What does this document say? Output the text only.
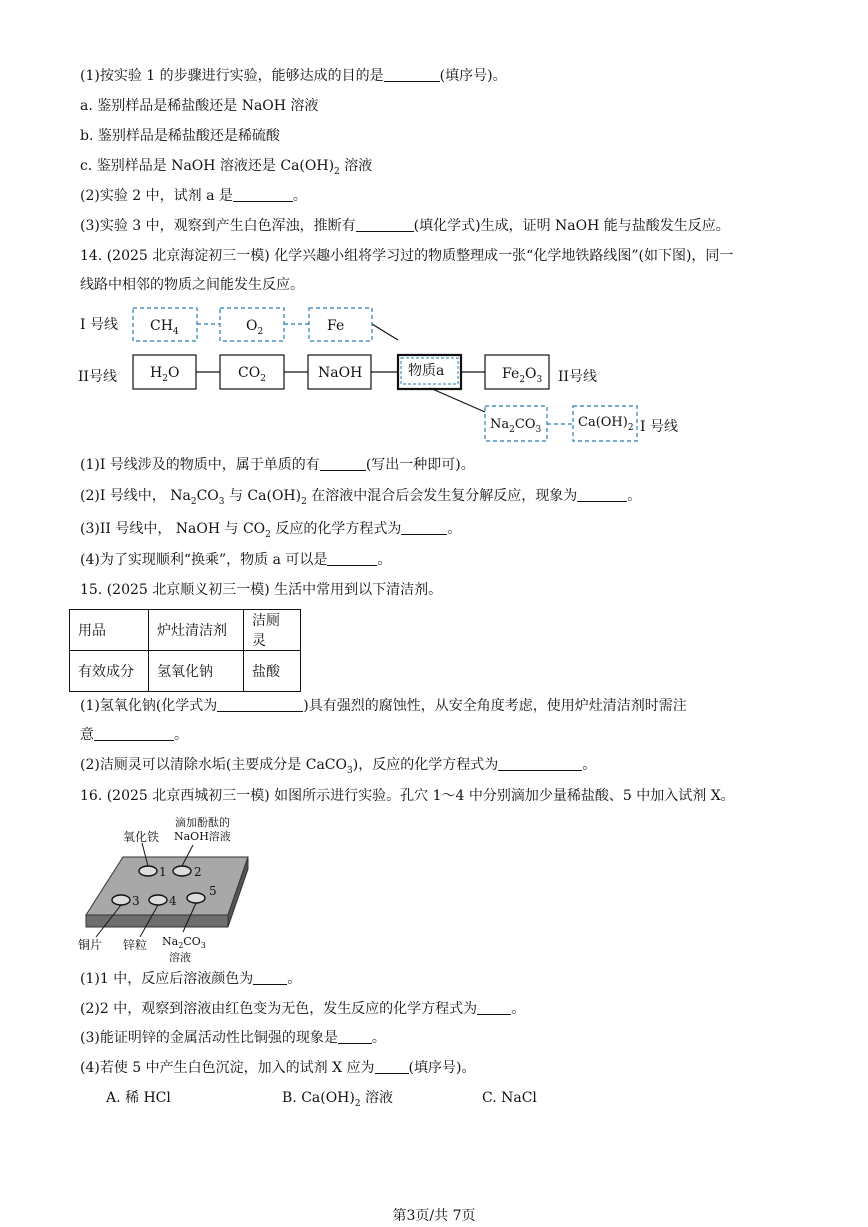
(1)按实验 1 的步骤进行实验，能够达成的目的是	(填序号)。
a. 鉴别样品是稀盐酸还是 NaOH 溶液
b. 鉴别样品是稀盐酸还是稀硫酸
c. 鉴别样品是 NaOH 溶液还是 $Ca(OH)_2$ 溶液
(2)实验 2 中，试剂 a 是	。
(3)实验 3 中，观察到产生白色浑浊，推断有	(填化学式)生成，证明 NaOH 能与盐酸发生反应。
14. (2025 北京海淀初三一模) 化学兴趣小组将学习过的物质整理成一张“化学地铁路线图”(如下图)，同一
线路中相邻的物质之间能发生反应。
I 号线
II号线	II号线
I 号线
$CH_4$	$O_2$	Fe
$H_2O$	$CO_2$	NaOH	物质a	$Fe_2O_3$
$Na_2CO_3$	$Ca(OH)_2$
(1)I 号线涉及的物质中，属于单质的有	(写出一种即可)。
(2)I 号线中， $Na_2CO_3$ 与 $Ca(OH)_2$ 在溶液中混合后会发生复分解反应，现象为	。
(3)II 号线中， NaOH 与 $CO_2$ 反应的化学方程式为	。
(4)为了实现顺利“换乘”，物质 a 可以是	。
15. (2025 北京顺义初三一模) 生活中常用到以下清洁剂。
用品	炉灶清洁剂	洁厕灵
有效成分	氢氧化钠	盐酸
(1)氢氧化钠(化学式为	)具有强烈的腐蚀性，从安全角度考虑，使用炉灶清洁剂时需注
意	。
(2)洁厕灵可以清除水垢(主要成分是 CaCO$_3$)，反应的化学方程式为	。
16. (2025 北京西城初三一模) 如图所示进行实验。孔穴 1～4 中分别滴加少量稀盐酸、5 中加入试剂 X。
1 2
3 4
5
氧化铁
滴加酚酞的
NaOH溶液
铜片 锌粒 $Na_2CO_3$
溶液
(1)1 中，反应后溶液颜色为 。
(2)2 中，观察到溶液由红色变为无色，发生反应的化学方程式为 。
(3)能证明锌的金属活动性比铜强的现象是 。
(4)若使 5 中产生白色沉淀，加入的试剂 X 应为 (填序号)。
A. 稀 HCl	B. $Ca(OH)_2$ 溶液	C. NaCl
第3页/共 7页
